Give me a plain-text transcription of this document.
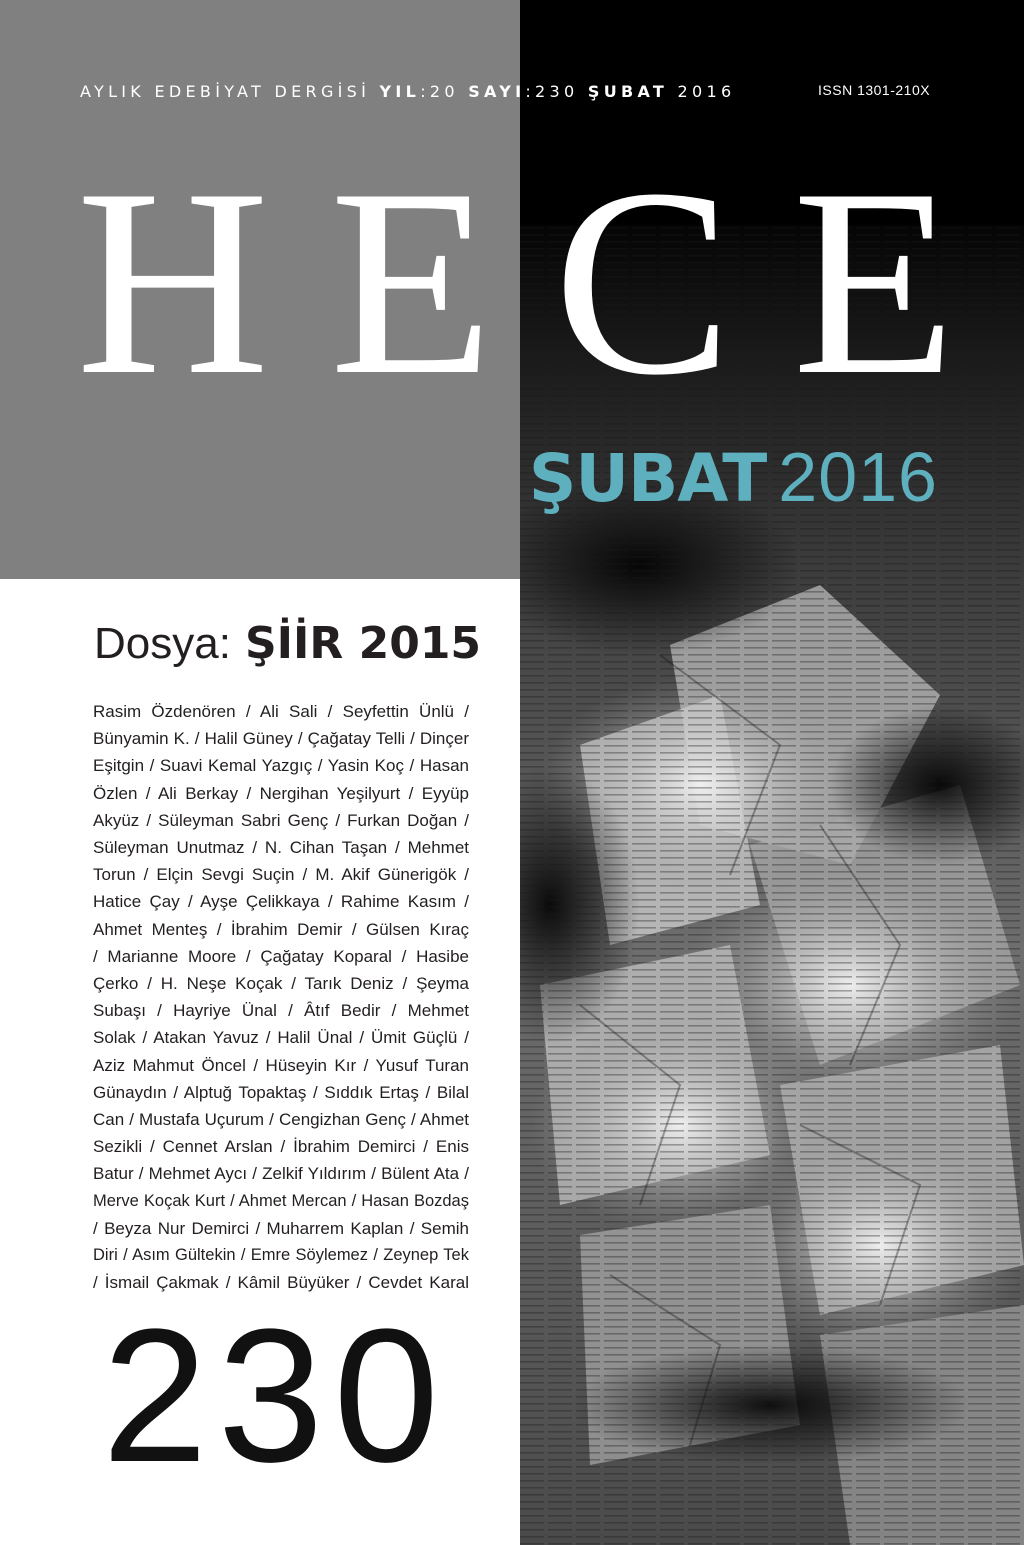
AYLIK EDEBİYAT DERGİSİ YIL:20 SAYI:230 ŞUBAT 2016	ISSN 1301-210X
H E C E
ŞUBAT 2016
Dosya: ŞİİR 2015
Rasim Özdenören / Ali Sali / Seyfettin Ünlü /
Bünyamin K. / Halil Güney / Çağatay Telli / Dinçer
Eşitgin / Suavi Kemal Yazgıç / Yasin Koç / Hasan
Özlen / Ali Berkay / Nergihan Yeşilyurt / Eyyüp
Akyüz / Süleyman Sabri Genç / Furkan Doğan /
Süleyman Unutmaz / N. Cihan Taşan / Mehmet
Torun / Elçin Sevgi Suçin / M. Akif Günerigök /
Hatice Çay / Ayşe Çelikkaya / Rahime Kasım /
Ahmet Menteş / İbrahim Demir / Gülsen Kıraç
/ Marianne Moore / Çağatay Koparal / Hasibe
Çerko / H. Neşe Koçak / Tarık Deniz / Şeyma
Subaşı / Hayriye Ünal / Âtıf Bedir / Mehmet
Solak / Atakan Yavuz / Halil Ünal / Ümit Güçlü /
Aziz Mahmut Öncel / Hüseyin Kır / Yusuf Turan
Günaydın / Alptuğ Topaktaş / Sıddık Ertaş / Bilal
Can / Mustafa Uçurum / Cengizhan Genç / Ahmet
Sezikli / Cennet Arslan / İbrahim Demirci / Enis
Batur / Mehmet Aycı / Zelkif Yıldırım / Bülent Ata /
Merve Koçak Kurt / Ahmet Mercan / Hasan Bozdaş
/ Beyza Nur Demirci / Muharrem Kaplan / Semih
Diri / Asım Gültekin / Emre Söylemez / Zeynep Tek
/ İsmail Çakmak / Kâmil Büyüker / Cevdet Karal
230
